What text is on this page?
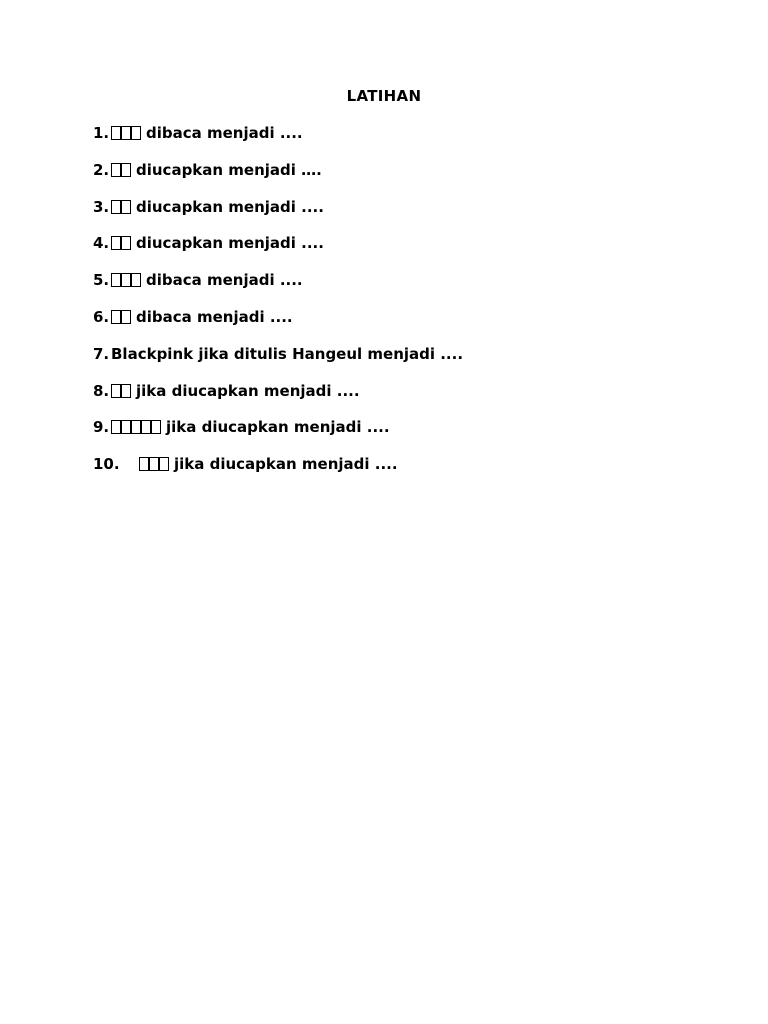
LATIHAN
1. dibaca menjadi ....
2. diucapkan menjadi ….
3. diucapkan menjadi ....
4. diucapkan menjadi ....
5. dibaca menjadi ....
6. dibaca menjadi ....
7. Blackpink jika ditulis Hangeul menjadi ....
8. jika diucapkan menjadi ....
9.	jika diucapkan menjadi ....
10.	jika diucapkan menjadi ....
